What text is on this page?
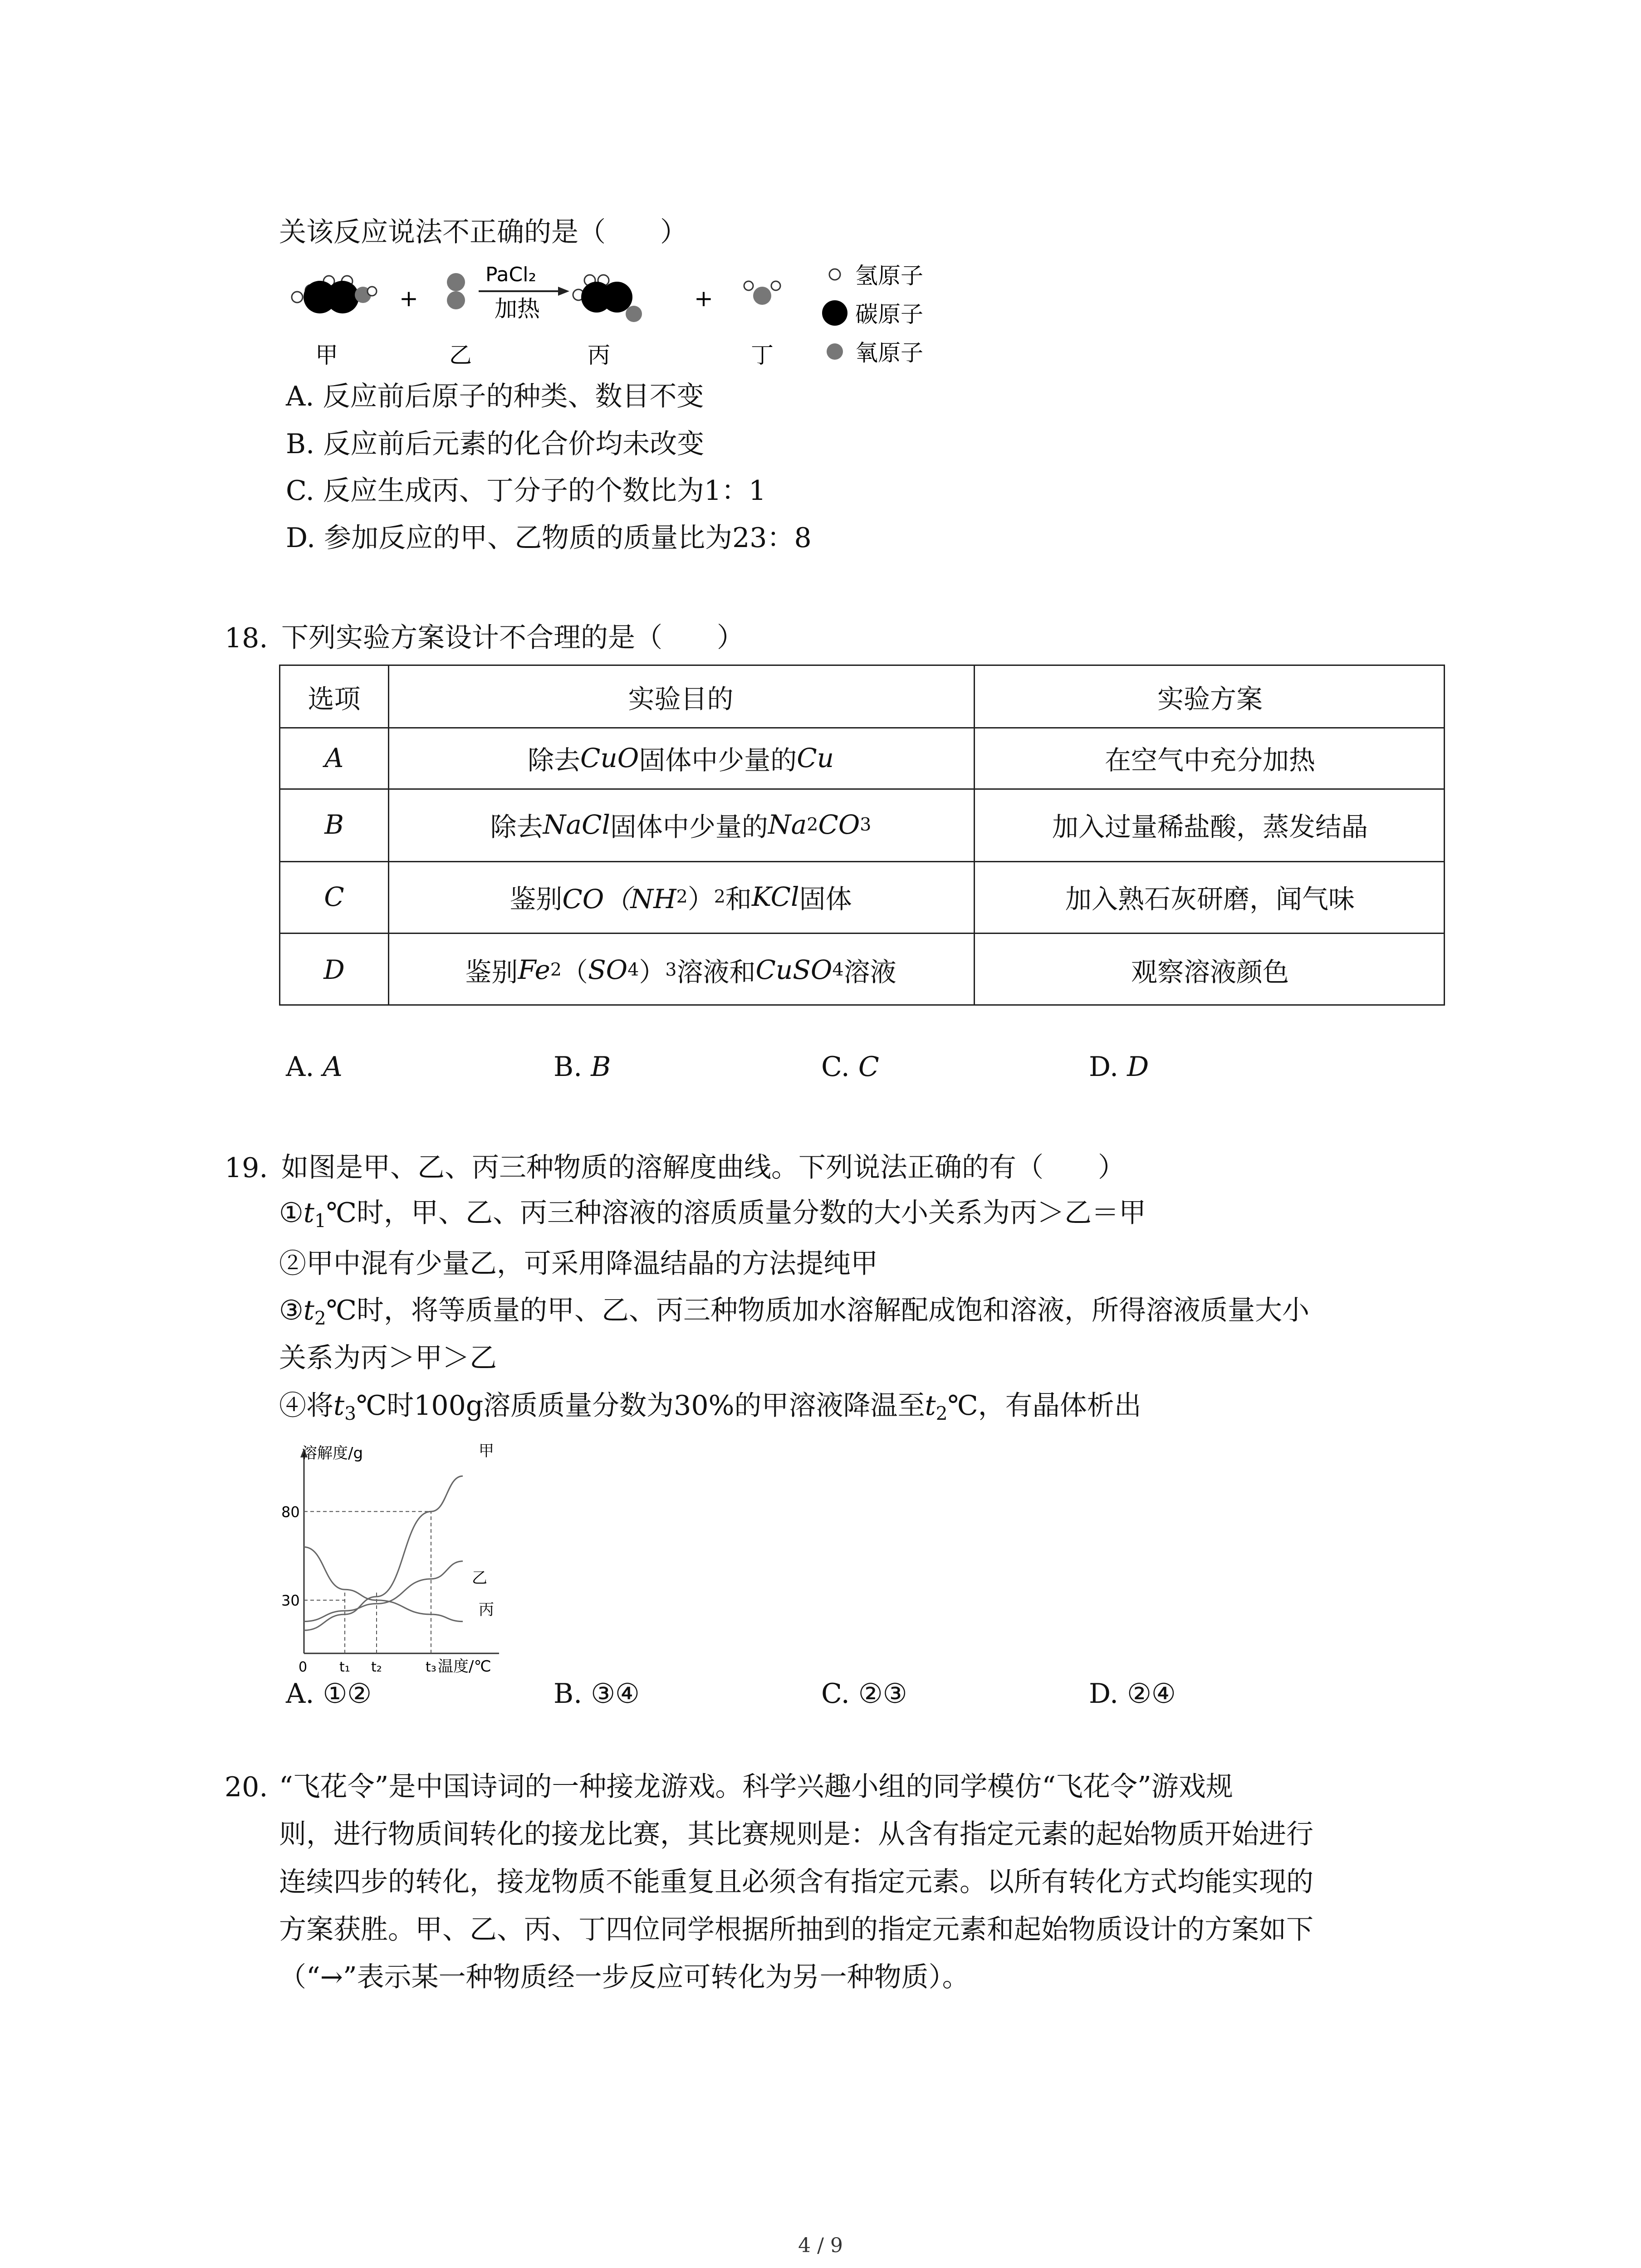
关该反应说法不正确的是（　　）
+
PaCl₂
加热	+
氢原子
碳原子
氧原子
甲	乙	丙	丁
A. 反应前后原子的种类、数目不变
B. 反应前后元素的化合价均未改变
C. 反应生成丙、丁分子的个数比为1：1
D. 参加反应的甲、乙物质的质量比为23：8
18. 下列实验方案设计不合理的是（　　）
选项	实验目的	实验方案
A	除去 CuO 固体中少量的 Cu	在空气中充分加热
B	除去 NaCl 固体中少量的 Na 2 CO 3	加入过量稀盐酸，蒸发结晶
C	鉴别 CO（NH 2 ） 2 和 KCl 固体	加入熟石灰研磨，闻气味
D	鉴别 Fe 2 （ SO 4 ） 3 溶液和 CuSO 4 溶液	观察溶液颜色
A. A	B. B	C. C	D. D
19. 如图是甲、乙、丙三种物质的溶解度曲线。下列说法正确的有（　　）
$①t_1℃$时，甲、乙、丙三种溶液的溶质质量分数的大小关系为丙＞乙＝甲
②甲中混有少量乙，可采用降温结晶的方法提纯甲
$③t_2℃$时，将等质量的甲、乙、丙三种物质加水溶解配成饱和溶液，所得溶液质量大小
关系为丙＞甲＞乙
④将$t_3℃$时100g溶质质量分数为30%的甲溶液降温至$t_2℃$，有晶体析出
溶解度/g
温度/℃
30
80
0 t₁ t₂	t₃
甲
乙
丙
A. ①②	B. ③④	C. ②③	D. ②④
20. “飞花令”是中国诗词的一种接龙游戏。科学兴趣小组的同学模仿“飞花令”游戏规
则，进行物质间转化的接龙比赛，其比赛规则是：从含有指定元素的起始物质开始进行
连续四步的转化，接龙物质不能重复且必须含有指定元素。以所有转化方式均能实现的
方案获胜。甲、乙、丙、丁四位同学根据所抽到的指定元素和起始物质设计的方案如下
（“→”表示某一种物质经一步反应可转化为另一种物质）。
4 / 9
